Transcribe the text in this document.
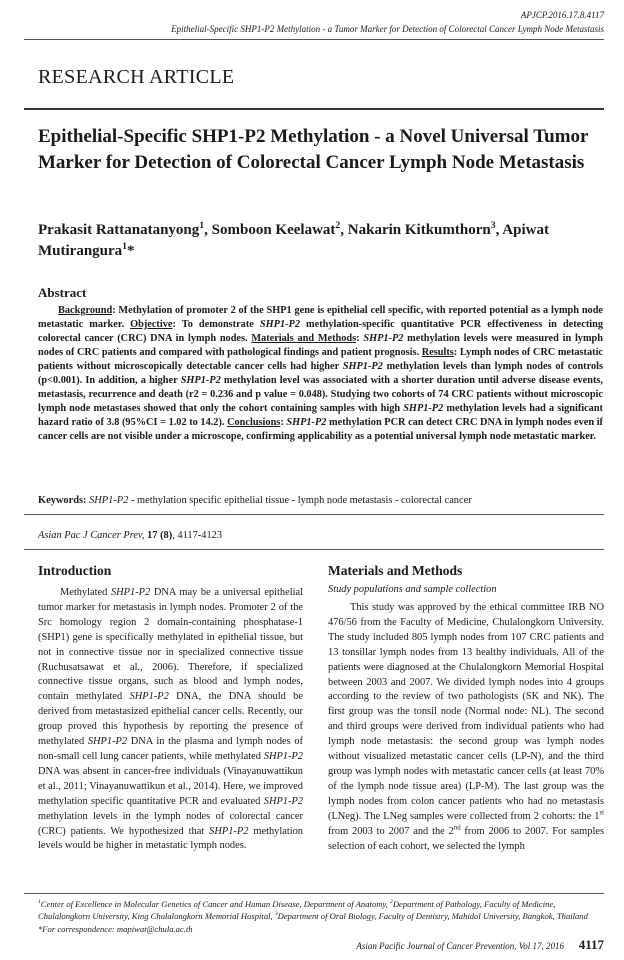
APJCP.2016.17.8.4117
Epithelial-Specific SHP1-P2 Methylation - a Tumor Marker for Detection of Colorectal Cancer Lymph Node Metastasis
RESEARCH ARTICLE
Epithelial-Specific SHP1-P2 Methylation - a Novel Universal Tumor Marker for Detection of Colorectal Cancer Lymph Node Metastasis
Prakasit Rattanatanyong$^1$, Somboon Keelawat$^2$, Nakarin Kitkumthorn$^3$, Apiwat Mutirangura$^1$*
Abstract
Background: Methylation of promoter 2 of the SHP1 gene is epithelial cell specific, with reported potential as a lymph node metastatic marker. Objective: To demonstrate SHP1-P2 methylation-specific quantitative PCR effectiveness in detecting colorectal cancer (CRC) DNA in lymph nodes. Materials and Methods: SHP1-P2 methylation levels were measured in lymph nodes of CRC patients and compared with pathological findings and patient prognosis. Results: Lymph nodes of CRC metastatic patients without microscopically detectable cancer cells had higher SHP1-P2 methylation levels than lymph nodes of controls (p<0.001). In addition, a higher SHP1-P2 methylation level was associated with a shorter duration until adverse disease events, metastasis, recurrence and death (r2 = 0.236 and p value = 0.048). Studying two cohorts of 74 CRC patients without microscopic lymph node metastases showed that only the cohort containing samples with high SHP1-P2 methylation levels had a significant hazard ratio of 3.8 (95%CI = 1.02 to 14.2). Conclusions: SHP1-P2 methylation PCR can detect CRC DNA in lymph nodes even if cancer cells are not visible under a microscope, confirming applicability as a potential universal lymph node metastatic marker.
Keywords: SHP1-P2 - methylation specific epithelial tissue - lymph node metastasis - colorectal cancer
Asian Pac J Cancer Prev, 17 (8), 4117-4123
Introduction
Methylated SHP1-P2 DNA may be a universal epithelial tumor marker for metastasis in lymph nodes. Promoter 2 of the Src homology region 2 domain-containing phosphatase-1 (SHP1) gene is specifically methylated in epithelial tissue, but not in connective tissue nor in specialized connective tissue (Ruchusatsawat et al., 2006). Therefore, if specialized connective tissue organs, such as blood and lymph nodes, contain methylated SHP1-P2 DNA, the DNA should be derived from metastasized epithelial cancer cells. Recently, our group proved this hypothesis by reporting the presence of methylated SHP1-P2 DNA in the plasma and lymph nodes of non-small cell lung cancer patients, while methylated SHP1-P2 DNA was absent in cancer-free individuals (Vinayanuwattikun et al., 2011; Vinayanuwattikun et al., 2014). Here, we improved methylation specific quantitative PCR and evaluated SHP1-P2 methylation levels in the lymph nodes of colorectal cancer (CRC) patients. We hypothesized that SHP1-P2 methylation levels would be higher in metastatic lymph nodes.
Materials and Methods
Study populations and sample collection
This study was approved by the ethical committee IRB NO 476/56 from the Faculty of Medicine, Chulalongkorn University. The study included 805 lymph nodes from 107 CRC patients and 13 tonsillar lymph nodes from 13 healthy individuals. All of the patients were diagnosed at the Chulalongkorn Memorial Hospital between 2003 and 2007. We divided lymph nodes into 4 groups according to the review of two pathologists (SK and NK). The first group was the tonsil node (Normal node: NL). The second and third groups were derived from individual patients who had lymph node metastasis: the second group was lymph nodes without visualized metastatic cancer cells (LP-N), and the third group was lymph nodes with metastatic cancer cells (at least 70% of the lymph node tissue area) (LP-M). The last group was the lymph nodes from colon cancer patients who had no metastasis (LNeg). The LNeg samples were collected from 2 cohorts: the 1st from 2003 to 2007 and the 2nd from 2006 to 2007. For samples selection of each cohort, we selected the lymph
$^1$Center of Excellence in Molecular Genetics of Cancer and Human Disease, Department of Anatomy, $^2$Department of Pathology, Faculty of Medicine, Chulalongkorn University, King Chulalongkorn Memorial Hospital, $^3$Department of Oral Biology, Faculty of Dentistry, Mahidol University, Bangkok, Thailand *For correspondence: mapiwat@chula.ac.th
Asian Pacific Journal of Cancer Prevention, Vol 17, 2016 4117
